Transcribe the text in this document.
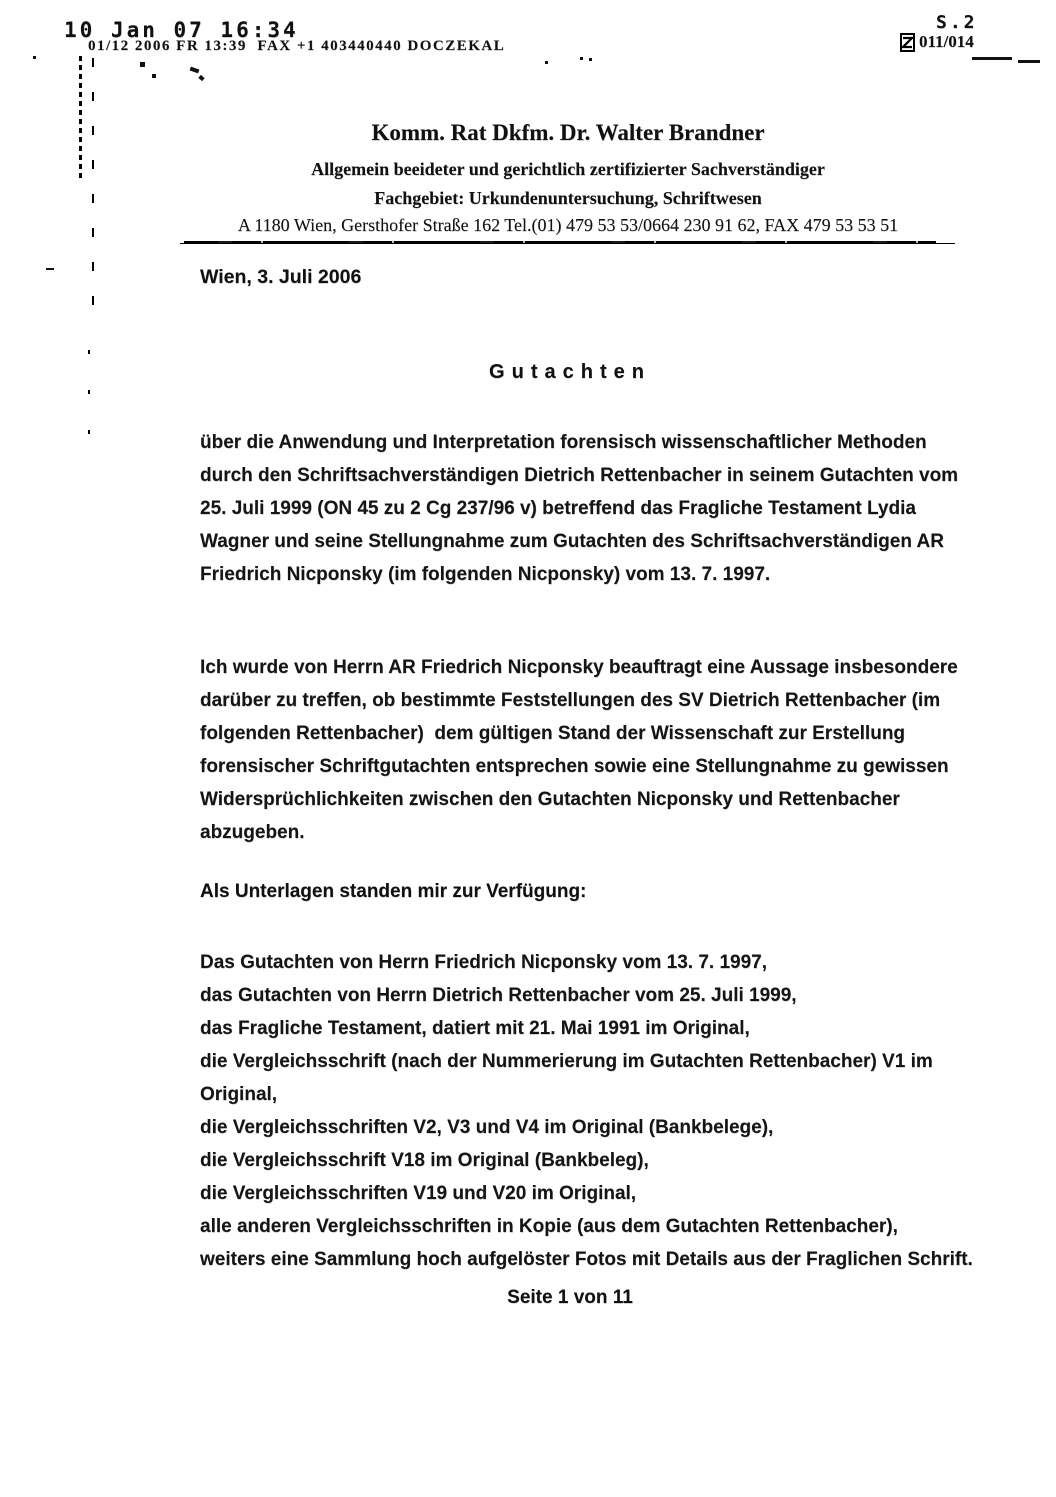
10 Jan 07 16:34
01/12 2006 FR 13:39  FAX +1 403440440 DOCZEKAL
S.2
011/014
Komm. Rat Dkfm. Dr. Walter Brandner
Allgemein beeideter und gerichtlich zertifizierter Sachverständiger
Fachgebiet: Urkundenuntersuchung, Schriftwesen
A 1180 Wien, Gersthofer Straße 162 Tel.(01) 479 53 53/0664 230 91 62, FAX 479 53 53 51
Wien, 3. Juli 2006
Gutachten
über die Anwendung und Interpretation forensisch wissenschaftlicher Methoden
durch den Schriftsachverständigen Dietrich Rettenbacher in seinem Gutachten vom
25. Juli 1999 (ON 45 zu 2 Cg 237/96 v) betreffend das Fragliche Testament Lydia
Wagner und seine Stellungnahme zum Gutachten des Schriftsachverständigen AR
Friedrich Nicponsky (im folgenden Nicponsky) vom 13. 7. 1997.
Ich wurde von Herrn AR Friedrich Nicponsky beauftragt eine Aussage insbesondere
darüber zu treffen, ob bestimmte Feststellungen des SV Dietrich Rettenbacher (im
folgenden Rettenbacher)  dem gültigen Stand der Wissenschaft zur Erstellung
forensischer Schriftgutachten entsprechen sowie eine Stellungnahme zu gewissen
Widersprüchlichkeiten zwischen den Gutachten Nicponsky und Rettenbacher
abzugeben.
Als Unterlagen standen mir zur Verfügung:
Das Gutachten von Herrn Friedrich Nicponsky vom 13. 7. 1997,
das Gutachten von Herrn Dietrich Rettenbacher vom 25. Juli 1999,
das Fragliche Testament, datiert mit 21. Mai 1991 im Original,
die Vergleichsschrift (nach der Nummerierung im Gutachten Rettenbacher) V1 im
Original,
die Vergleichsschriften V2, V3 und V4 im Original (Bankbelege),
die Vergleichsschrift V18 im Original (Bankbeleg),
die Vergleichsschriften V19 und V20 im Original,
alle anderen Vergleichsschriften in Kopie (aus dem Gutachten Rettenbacher),
weiters eine Sammlung hoch aufgelöster Fotos mit Details aus der Fraglichen Schrift.
Seite 1 von 11
